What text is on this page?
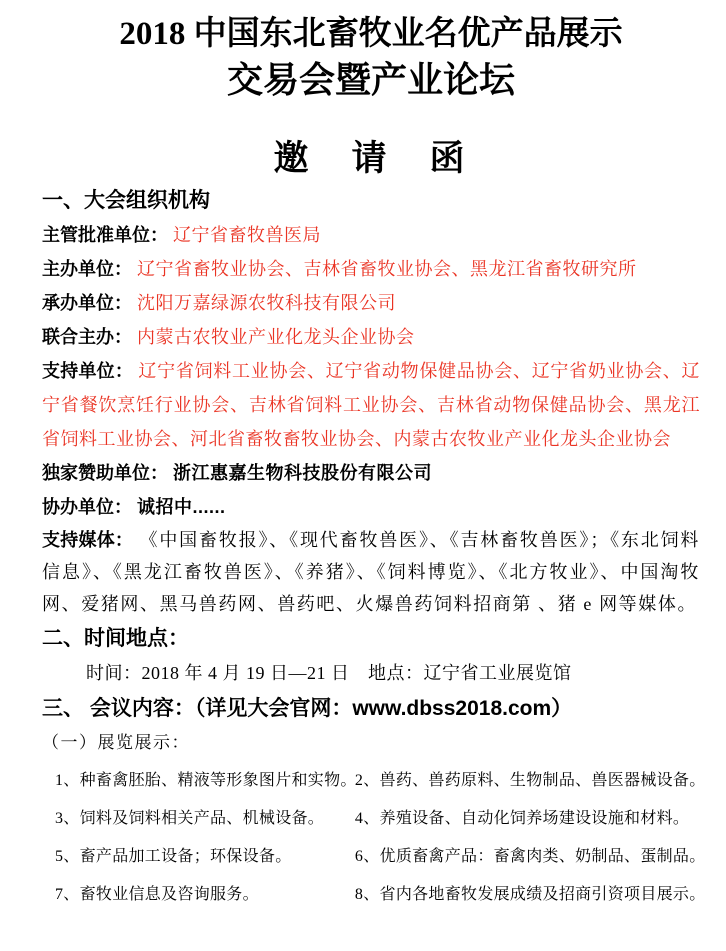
2018 中国东北畜牧业名优产品展示
交易会暨产业论坛
邀　请　函
一、大会组织机构

主管批准单位： 辽宁省畜牧兽医局

主办单位： 辽宁省畜牧业协会、吉林省畜牧业协会、黑龙江省畜牧研究所

承办单位： 沈阳万嘉绿源农牧科技有限公司

联合主办： 内蒙古农牧业产业化龙头企业协会

支持单位： 辽宁省饲料工业协会、辽宁省动物保健品协会、辽宁省奶业协会、辽宁省餐饮烹饪行业协会、吉林省饲料工业协会、吉林省动物保健品协会、黑龙江省饲料工业协会、河北省畜牧畜牧业协会、内蒙古农牧业产业化龙头企业协会

独家赞助单位： 浙江惠嘉生物科技股份有限公司

协办单位： 诚招中......

支持媒体： 《中国畜牧报》、《现代畜牧兽医》、《吉林畜牧兽医》；《东北饲料信息》、《黑龙江畜牧兽医》、《养猪》、《饲料博览》、《北方牧业》、中国淘牧网、爱猪网、黑马兽药网、兽药吧、火爆兽药饲料招商第 、猪 e 网等媒体。

二、时间地点：

时间：2018 年 4 月 19 日—21 日　地点：辽宁省工业展览馆

三、 会议内容：（详见大会官网：www.dbss2018.com）

（一）展览展示：

1、种畜禽胚胎、精液等形象图片和实物。
2、兽药、兽药原料、生物制品、兽医器械设备。
3、饲料及饲料相关产品、机械设备。	4、养殖设备、自动化饲养场建设设施和材料。
5、畜产品加工设备；环保设备。	6、优质畜禽产品：畜禽肉类、奶制品、蛋制品。
7、畜牧业信息及咨询服务。	8、省内各地畜牧发展成绩及招商引资项目展示。
